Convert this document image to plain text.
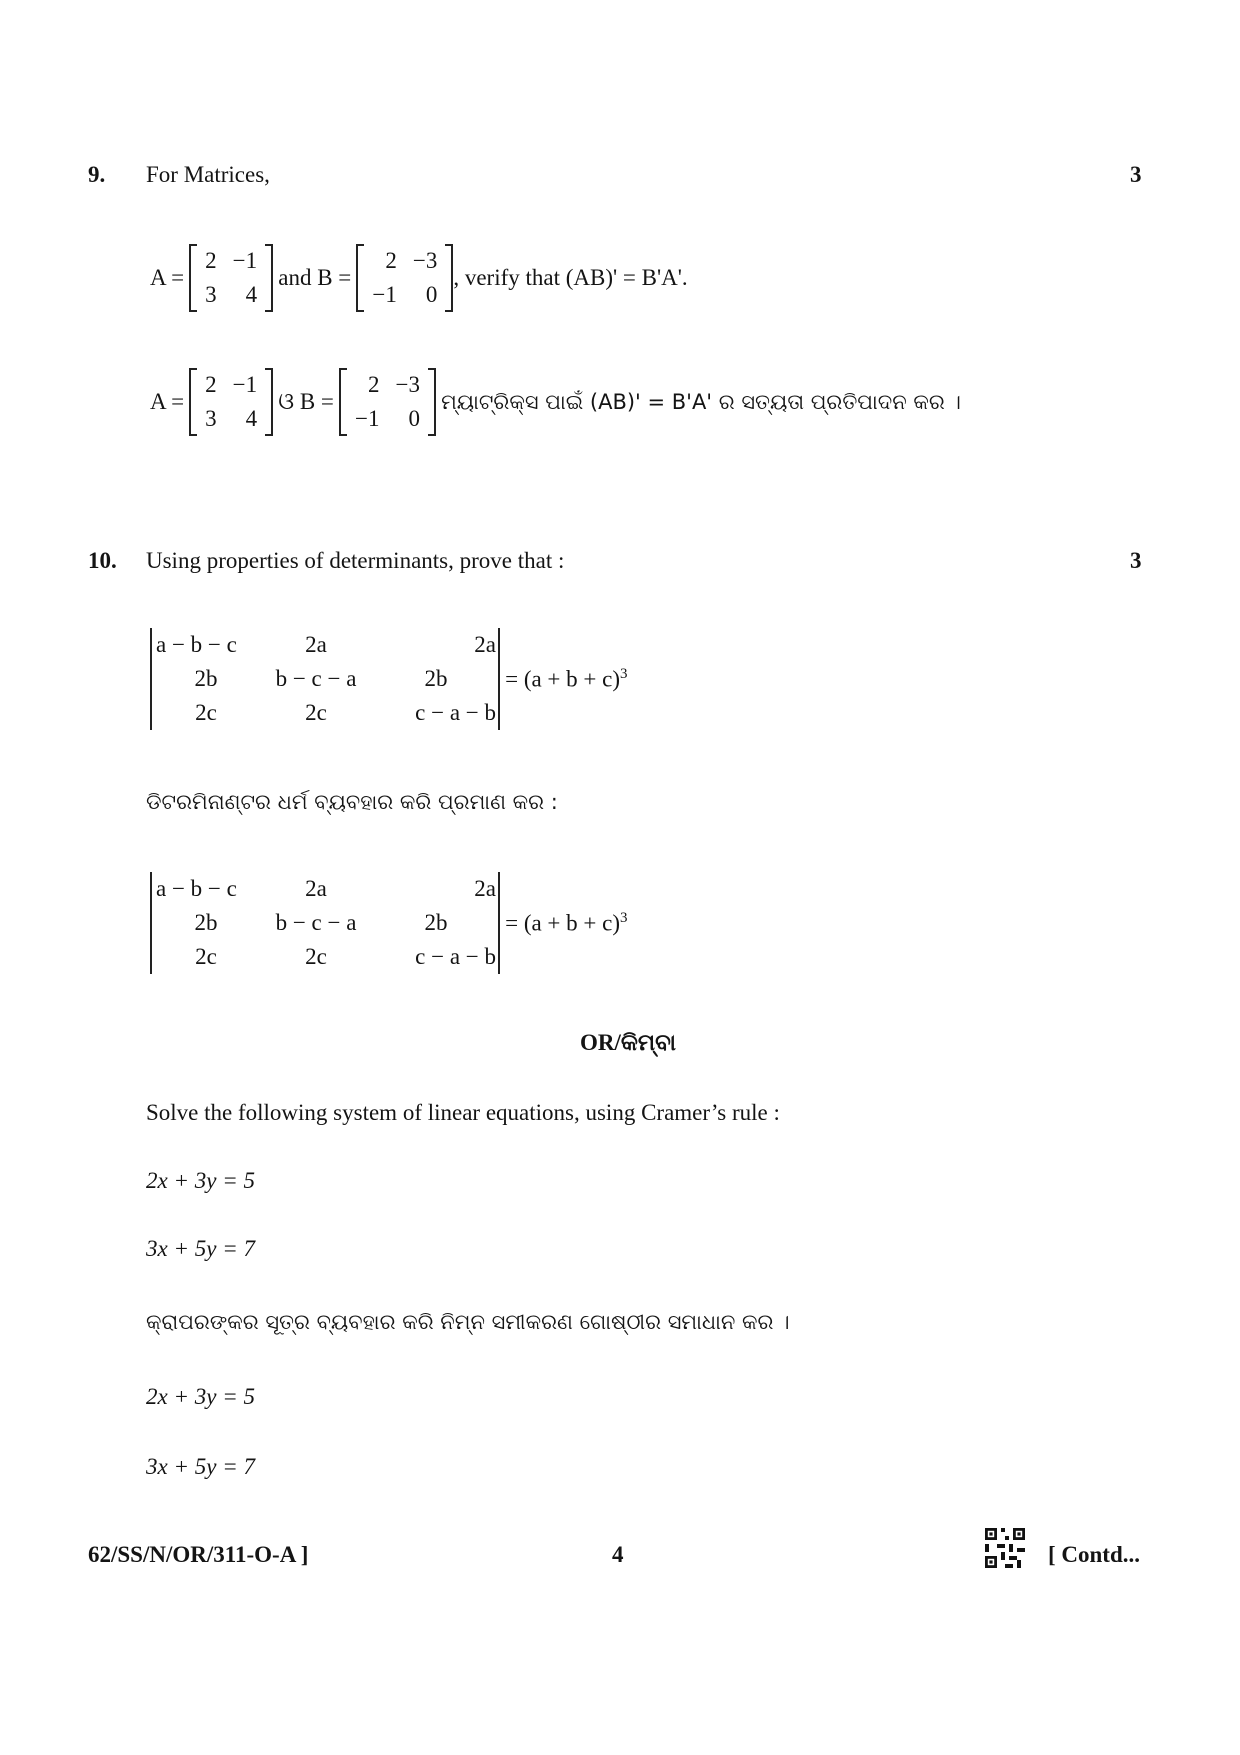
9. For Matrices,	3
A =

2	−1
3	4

and B =

2	−3
−1	0
, verify that (AB)' = B'A'.
A =

2	−1
3	4

ଓ B =

2	−3
−1	0

ମ୍ୟାଟ୍ରିକ୍ସ ପାଇଁ (AB)' = B'A' ର ସତ୍ୟତା ପ୍ରତିପାଦନ କର ।
10. Using properties of determinants, prove that :	3
a − b − c	2a	2a
2b	b − c − a	2b
2c	2c	c − a − b

= $(a + b + c)^3$
ଡିଟରମିନାଣ୍ଟର ଧର୍ମ ବ୍ୟବହାର କରି ପ୍ରମାଣ କର :
a − b − c	2a	2a
2b	b − c − a	2b
2c	2c	c − a − b

= $(a + b + c)^3$
OR/କିମ୍ବା
Solve the following system of linear equations, using Cramer’s rule :
2x + 3y = 5
3x + 5y = 7
କ୍ରାପରଙ୍କର ସୂତ୍ର ବ୍ୟବହାର କରି ନିମ୍ନ ସମୀକରଣ ଗୋଷ୍ଠୀର ସମାଧାନ କର ।
2x + 3y = 5
3x + 5y = 7
62/SS/N/OR/311-O-A ]	4	[ Contd...
